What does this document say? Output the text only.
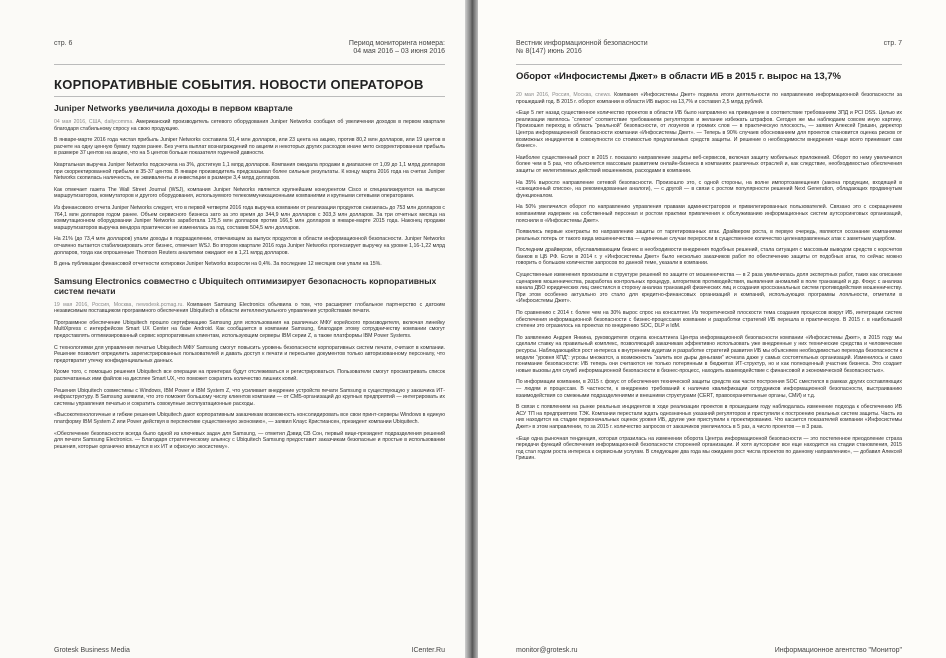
стр. 6	Период мониторинга номера:
04 мая 2016 – 03 июня 2016
КОРПОРАТИВНЫЕ СОБЫТИЯ. НОВОСТИ ОПЕРАТОРОВ
Juniper Networks увеличила доходы в первом квартале

04 мая 2016, США, dailycomma. Американский производитель сетевого оборудования Juniper Networks сообщил об увеличении доходов в первом квартале благодаря стабильному спросу на свою продукцию.

В январе-марте 2016 года чистая прибыль Juniper Networks составила 91,4 млн долларов, или 23 цента на акцию, против 80,2 млн долларов, или 19 центов в расчете на одну ценную бумагу годом ранее. Без учета выплат вознаграждений по акциям и некоторых других расходов иначе мето скорректированная прибыль в размере 37 центов на акцию, что на 5 центов больше показателя годичной давности.

Квартальная выручка Juniper Networks подскочила на 3%, достигнув 1,1 млрд долларов. Компания ожидала продажи в диапазоне от 1,09 до 1,1 млрд долларов при скорректированной прибыли в 35-37 центов. В январе производитель предсказывал более сильные результаты. К концу марта 2016 года на счетах Juniper Networks скопилась наличность, ее эквиваленты и инвестиции в размере 3,4 млрд долларов.

Как отмечает газета The Wall Street Journal (WSJ), компания Juniper Networks является крупнейшим конкурентом Cisco и специализируется на выпуске маршрутизаторов, коммутаторов и другого оборудования, используемого телекоммуникационными компаниями и крупными сетевыми операторами.

Из финансового отчета Juniper Networks следует, что в первой четверти 2016 года выручка компании от реализации продуктов снизилась до 753 млн долларов с 764,1 млн долларов годом ранее. Объем сервисного бизнеса зато за это время до 344,9 млн долларов с 303,3 млн долларов. За три отчетных месяца на коммутационном оборудовании Juniper Networks заработала 175,5 млн долларов против 166,5 млн долларов в январе-марте 2015 года. Наконец продажи маршрутизаторов выручка вендора практически не изменилась за год, составив 504,5 млн долларов.

На 21% (до 73,4 млн долларов) упали доходы в подразделении, отвечающем за выпуск продуктов в области информационной безопасности. Juniper Networks отчаянно пытается стабилизировать этот бизнес, отмечает WSJ. Во втором квартале 2016 года Juniper Networks прогнозирует выручку на уровне 1,16-1,22 млрд долларов, тогда как опрошенные Thomson Reuters аналитики ожидают ее в 1,21 млрд долларов.

В день публикации финансовой отчетности котировки Juniper Networks возросли на 0,4%. За последние 12 месяцев они упали на 15%.

Samsung Electronics совместно с Ubiquitech оптимизирует безопасность корпоративных систем печати

19 мая 2016, Россия, Москва, newsdesk.pcmag.ru. Компания Samsung Electronics объявила о том, что расширяет глобальное партнерство с датским независимым поставщиком программного обеспечения Ubiquitech в области интеллектуального управления устройствами печати.

Программное обеспечение Ubiquitech прошло сертификацию Samsung для использования на различных МФУ корейского производителя, включая линейку MultiXpress с интерфейсом Smart UX Center на базе Android. Как сообщается в компании Samsung, благодаря этому сотрудничеству компании смогут предоставлять оптимизированный сервис корпоративным клиентам, использующим серверы IBM серии Z, а также платформы IBM Power Systems.

С технологиями для управления печатью Ubiquitech МФУ Samsung смогут повысить уровень безопасности корпоративных систем печати, считают в компании. Решение позволит определить зарегистрированных пользователей и давать доступ к печати и пересылке документов только авторизованному персоналу, что предотвратит утечку конфиденциальных данных.

Кроме того, с помощью решения Ubiquitech все операции на принтерах будут отслеживаться и регистрироваться. Пользователи смогут просматривать список распечатанных ими файлов на дисплее Smart UX, что поможет сократить количество лишних копий.

Решения Ubiquitech совместимы с Windows, IBM Power и IBM System Z, что усиливает внедрение устройств печати Samsung в существующую у заказчика ИТ-инфраструктуру. В Samsung заявили, что это поможет большому числу клиентов компании — от СМБ-организаций до крупных предприятий — интегрировать их системы управления печатью и сократить совокупные эксплуатационные расходы.

«Высокотехнологичные и гибкие решения Ubiquitech дают корпоративным заказчикам возможность консолидировать все свои принт-серверы Windows в единую платформу IBM System Z или Power действуя в перспективе существенную экономию», — заявил Клаус Кристиансен, президент компании Ubiquitech.

«Обеспечение безопасности всегда было одной из ключевых задач для Samsung, — отметил Дэвид СВ Сон, первый вице-президент подразделения решений для печати Samsung Electronics. — Благодаря стратегическому альянсу с Ubiquitech Samsung предоставит заказчикам безопасные и простые в использовании решения, которые органично впишутся в их ИТ и офисную экосистему».

Grotesk Business Media	ICenter.Ru
Вестник информационной безопасности
№ 8(147) июнь 2016
стр. 7
Оборот «Инфосистемы Джет» в области ИБ в 2015 г. вырос на 13,7%

20 мая 2016, Россия, Москва, cnews. Компания «Инфосистемы Джет» подвела итоги деятельности по направлению информационной безопасности за прошедший год. В 2015 г. оборот компании в области ИБ вырос на 13,7% и составил 2,5 млрд рублей.

«Еще 5 лет назад существенное количество проектов в области ИБ было направлено на приведение в соответствие требованиям ЗПД и PCI DSS. Целью их реализации являлось “слепое” соответствие требованиям регуляторов и желание избежать штрафов. Сегодня же мы наблюдаем совсем иную картину. Произошел переход в область “реальной” безопасности, от лозунгов и громких слов — в практическую плоскость, — заявил Алексей Гришин, директор Центра информационной безопасности компании «Инфосистемы Джет». — Теперь в 90% случаев обоснованием для проектов становится оценка рисков от возможных инцидентов в совокупности со стоимостью предлагаемых средств защиты. И решение о необходимости внедрения чаще всего принимает сам бизнес».

Наиболее существенный рост в 2015 г. показало направление защиты веб-сервисов, включая защиту мобильных приложений. Оборот по нему увеличился более чем в 5 раз, что объясняется массовым развитием онлайн-бизнеса в компаниях различных отраслей и, как следствие, необходимостью обеспечения защиты от нелегитимных действий мошенников, расходами в компании.

На 35% выросло направление сетевой безопасности. Произошло это, с одной стороны, на волне импортозамещения (закона продукции, входящей в «санкционный список», на рекомендованные аналоги), — с другой — в связи с ростом популярности решений Next Generation, обладающих продвинутым функционалом.

На 50% увеличился оборот по направлению управления правами администраторов и привилегированных пользователей. Связано это с сокращением компаниями издержек на собственный персонал и ростом практики привлечения к обслуживанию информационных систем аутсорсинговых организаций, пояснили в «Инфосистемы Джет».

Появились первые контракты по направлению защиты от таргетированных атак. Драйвером роста, в первую очередь, являются осознание компаниями реальных потерь от такого вида мошенничества — единичные случаи переросли в существенное количество целенаправленных атак с заметным ущербом.

Последним драйвером, обуславливающим бизнес в необходимости внедрения подобных решений, стала ситуация с массовым выводом средств с корсчетов банков в ЦБ РФ. Если в 2014 г. у «Инфосистемы Джет» было несколько заказчиков работ по обеспечению защиты от подобных атак, то сейчас можно говорить о большом количестве запросов по данной теме, указали в компании.

Существенные изменения произошли в структуре решений по защите от мошенничества — в 2 раза увеличилась доля экспертных работ, таких как описание сценариев мошенничества, разработка контрольных процедур, алгоритмов противодействия, выявления аномалий в поле транзакций и др. Фокус с анализа канала ДБО юридических лиц сместился в сторону анализа транзакций физических лиц и создания кроссканальных систем противодействия мошенничеству. При этом особенно актуально это стало для кредитно-финансовых организаций и компаний, использующих программы лояльности, отметили в «Инфосистемы Джет».

По сравнению с 2014 г. более чем на 30% вырос спрос на консалтинг. Из теоретической плоскости тема создания процессов вокруг ИБ, интеграции систем обеспечения информационной безопасности с бизнес-процессами компании и разработки стратегий ИБ перешла в практическую. В 2015 г. в наибольшей степени это отразилось на проектах по внедрению SOC, DLP и IdM.

По заявлению Андрея Янкина, руководителя отдела консалтинга Центра информационной безопасности компании «Инфосистемы Джет», в 2015 году мы сделали ставку на правильный комплекс, позволяющий заказчикам эффективно использовать уже внедренные у них технические средства и человеческие ресурсы. Наблюдающийся рост интереса к внутренним аудитам и разработке стратегий развития ИБ мы объясняем необходимостью перехода безопасности к модели “уровня КПД”: угрозы множатся, а возможность “залить все дыры деньгами” исчезла даже у самых состоятельных организаций. Изменилось и само понимание безопасности: ИБ теперь они считаются не только потерянным в бюджетах ИТ-структур, но и как полноценный участник бизнеса. Это создает новые вызовы для служб информационной безопасности в бизнес-процесс, находить взаимодействие с финансовой и экономической безопасностью».

По информации компании, в 2015 г. фокус от обеспечения технической защиты средств как части построения SOC сместился в рамках других составляющих — людям и процессам. В частности, к внедрению требований к наличию квалификации сотрудников информационной безопасности, выстраиванию взаимодействия со смежными подразделениями и внешними структурами (CERT, правоохранительные органы, СМИ) и т.д.

В связи с появлением на рынке реальных инцидентов в ходе реализации проектов в прошедшем году наблюдалась изменение подхода к обеспечению ИБ АСУ ТП на предприятиях ТЭК. Компании перестали ждать однозначных указаний регуляторов и приступили к построению реальных систем защиты. Часть из них находится на стадии первоначальных оценок уровня ИБ, другие уже приступили к проектированию. Что касается показателей компании «Инфосистемы Джет» в этом направлении, то за 2015 г. количество запросов от заказчиков увеличилось в 5 раз, а число проектов — в 3 раза.

«Еще одна рыночная тенденция, которая отразилась на изменении оборота Центра информационной безопасности — это постепенное преодоление страха передачи функций обеспечения информационной безопасности сторонней организации. И хотя аутсорсинг все еще находится на стадии становления, 2015 год стал годом роста интереса к сервисным услугам. В следующие два года мы ожидаем рост числа проектов по данному направлению», — добавил Алексей Гришин.

monitor@grotesk.ru	Информационное агентство "Монитор"
